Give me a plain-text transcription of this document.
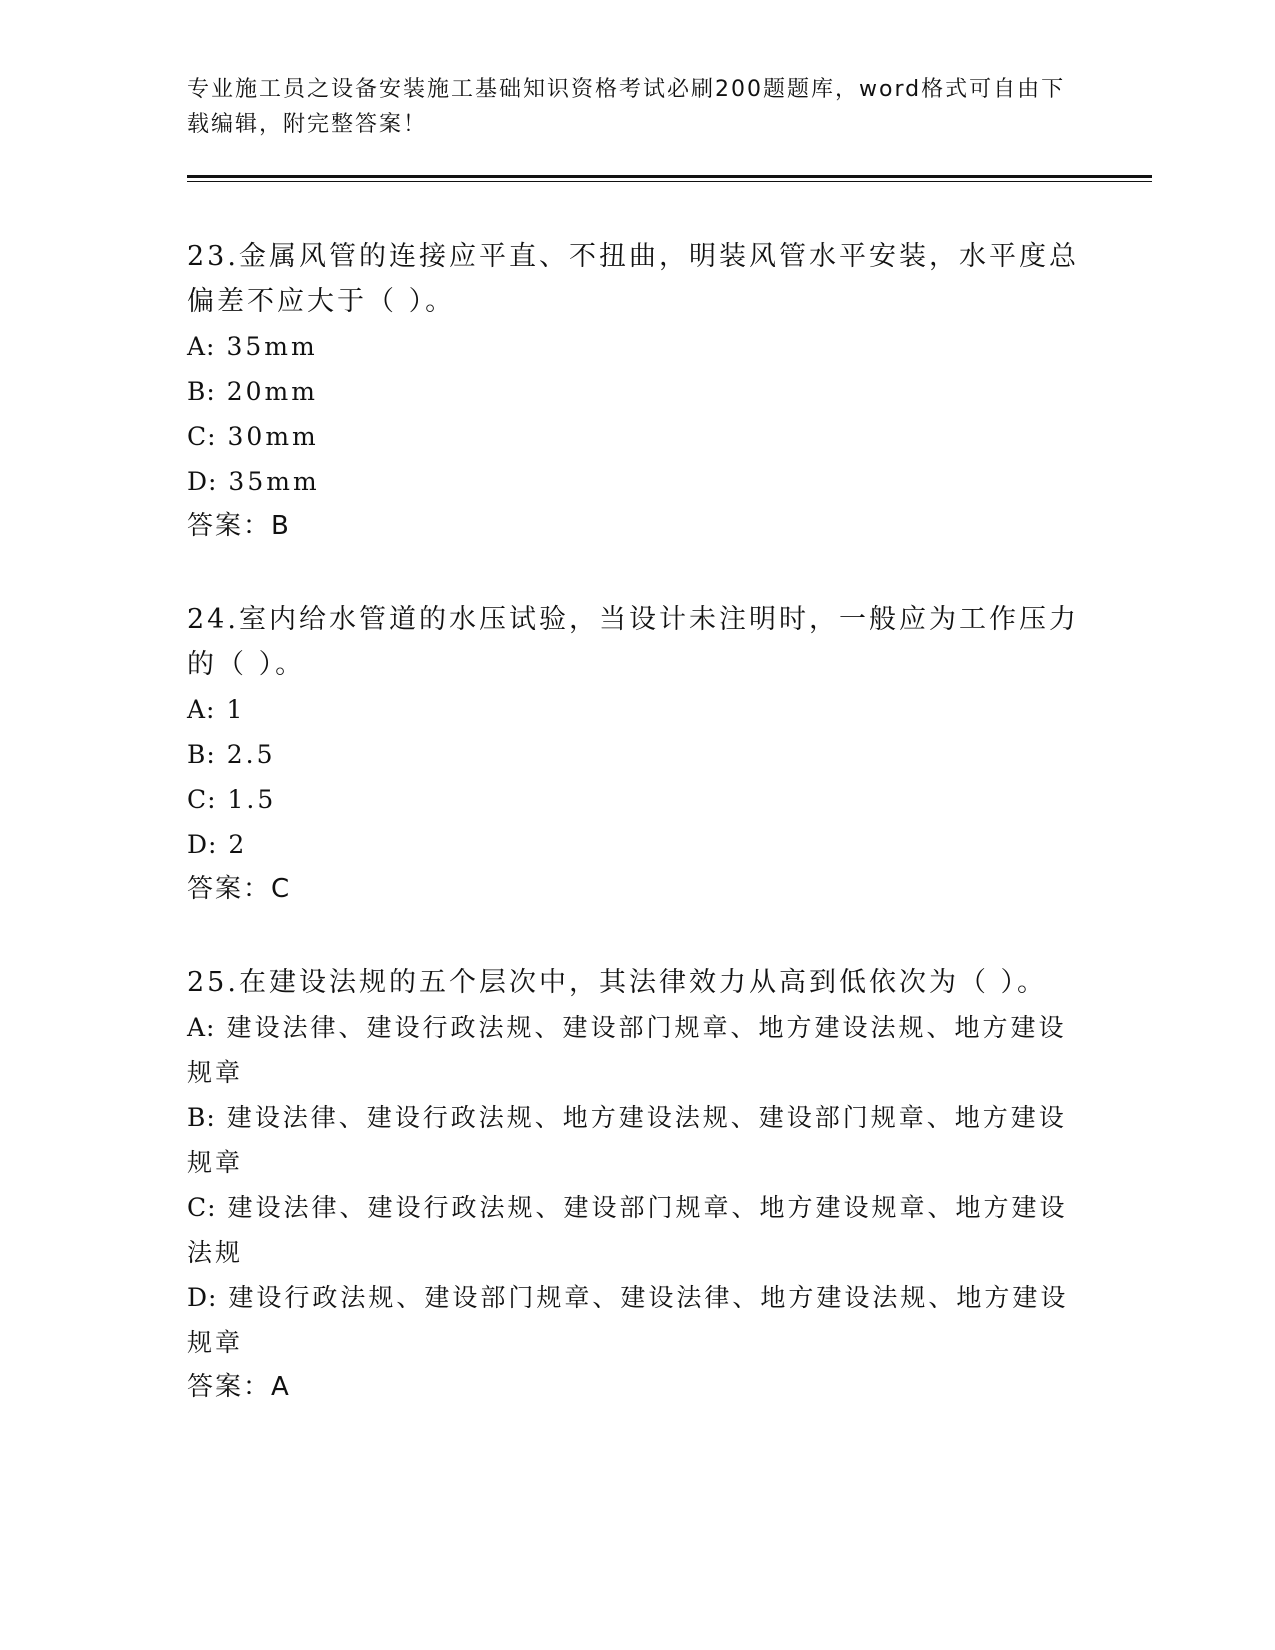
专业施工员之设备安装施工基础知识资格考试必刷200题题库，word格式可自由下载编辑，附完整答案！
23.金属风管的连接应平直、不扭曲，明装风管水平安装，水平度总偏差不应大于（ ）。
A: 35mm
B: 20mm
C: 30mm
D: 35mm
答案：B
24.室内给水管道的水压试验，当设计未注明时，一般应为工作压力的（ ）。
A: 1
B: 2.5
C: 1.5
D: 2
答案：C
25.在建设法规的五个层次中，其法律效力从高到低依次为（ ）。
A: 建设法律、建设行政法规、建设部门规章、地方建设法规、地方建设规章
B: 建设法律、建设行政法规、地方建设法规、建设部门规章、地方建设规章
C: 建设法律、建设行政法规、建设部门规章、地方建设规章、地方建设法规
D: 建设行政法规、建设部门规章、建设法律、地方建设法规、地方建设规章
答案：A
